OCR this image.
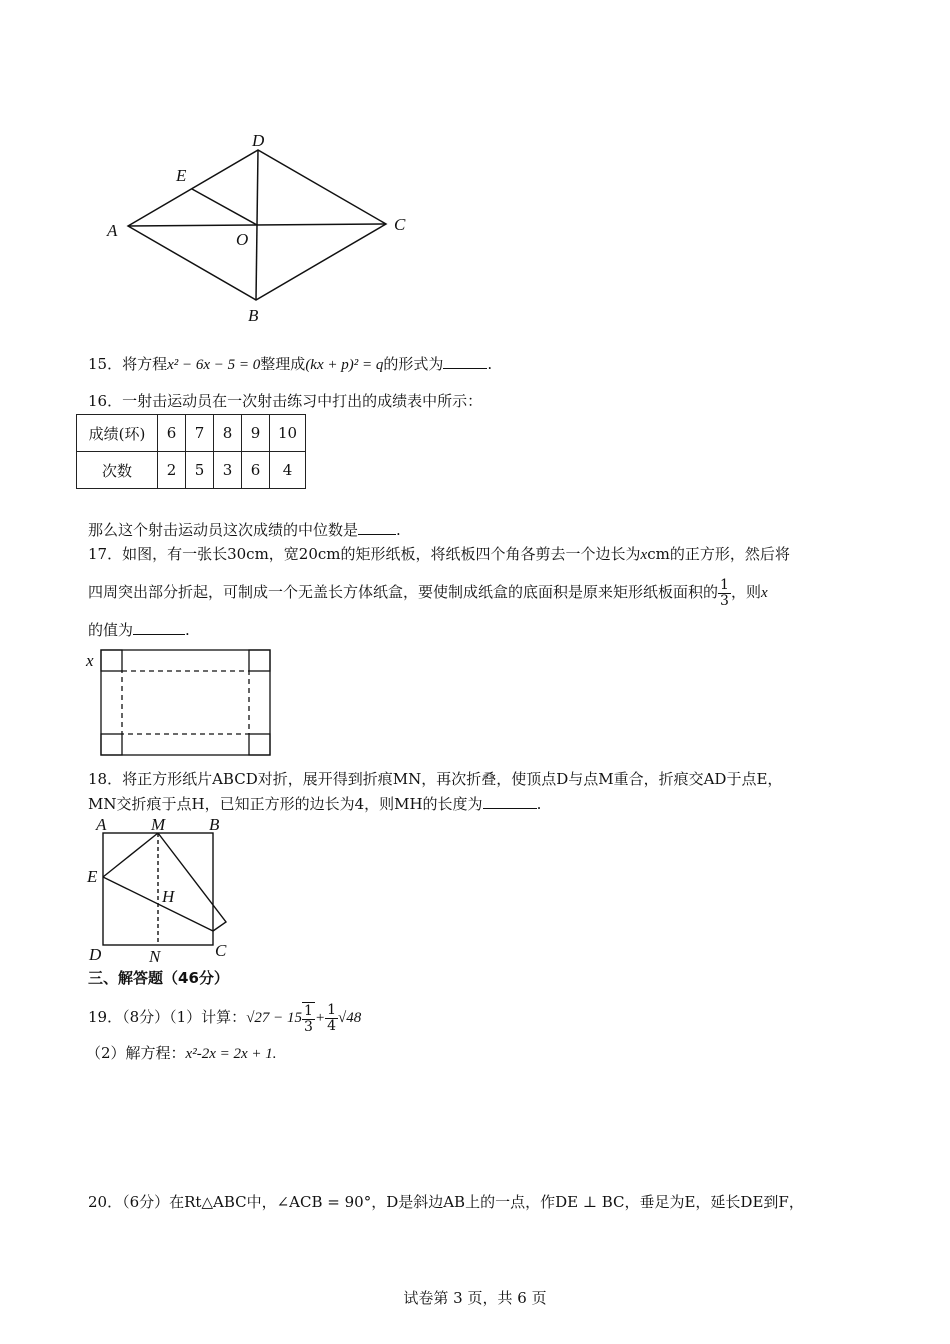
D
E
A	O
C
B
15．将方程x² − 6x − 5 = 0整理成(kx + p)² = q的形式为	.
16．一射击运动员在一次射击练习中打出的成绩表中所示：
成绩(环)	6	7	8	9	10
次数	2	5	3	6	4
那么这个射击运动员这次成绩的中位数是	.
17．如图，有一张长30cm，宽20cm的矩形纸板，将纸板四个角各剪去一个边长为xcm的正方形，然后将
四周突出部分折起，可制成一个无盖长方体纸盒，要使制成纸盒的底面积是原来矩形纸板面积的 $\frac{1}{3}$ ，则x
的值为	.
x
18．将正方形纸片ABCD对折，展开得到折痕MN，再次折叠，使顶点D与点M重合，折痕交AD于点E，
MN交折痕于点H，已知正方形的边长为4，则MH的长度为	.
A	M	B
E
H
D	N	C
三、解答题（46分）
19．（8分）（1）计算：$√27 - 15 \frac{1}{3} + \frac{1}{4} √48$
（2）解方程：x²-2x = 2x + 1.
20．（6分）在Rt△ABC中，∠ACB = 90°，D是斜边AB上的一点，作DE ⊥ BC，垂足为E，延长DE到F，
试卷第 3 页，共 6 页
